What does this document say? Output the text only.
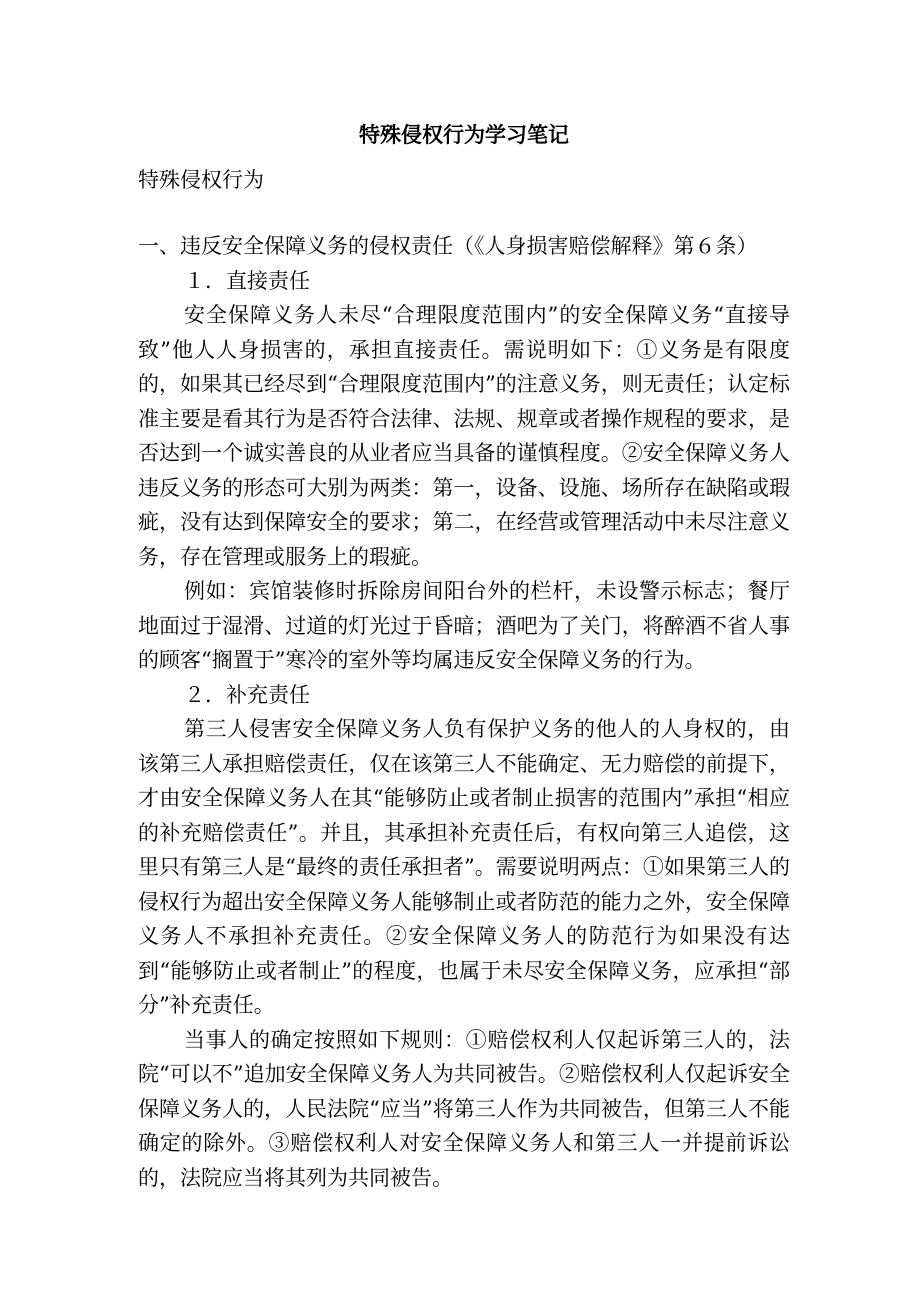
特殊侵权行为学习笔记

特殊侵权行为

一、违反安全保障义务的侵权责任（《人身损害赔偿解释》第６条）

１．直接责任

安全保障义务人未尽“合理限度范围内”的安全保障义务“直接导致”他人人身损害的，承担直接责任。需说明如下：①义务是有限度的，如果其已经尽到“合理限度范围内”的注意义务，则无责任；认定标准主要是看其行为是否符合法律、法规、规章或者操作规程的要求，是否达到一个诚实善良的从业者应当具备的谨慎程度。②安全保障义务人违反义务的形态可大别为两类：第一，设备、设施、场所存在缺陷或瑕疵，没有达到保障安全的要求；第二，在经营或管理活动中未尽注意义务，存在管理或服务上的瑕疵。

例如：宾馆装修时拆除房间阳台外的栏杆，未设警示标志；餐厅地面过于湿滑、过道的灯光过于昏暗；酒吧为了关门，将醉酒不省人事的顾客“搁置于”寒冷的室外等均属违反安全保障义务的行为。

２．补充责任

第三人侵害安全保障义务人负有保护义务的他人的人身权的，由该第三人承担赔偿责任，仅在该第三人不能确定、无力赔偿的前提下，才由安全保障义务人在其“能够防止或者制止损害的范围内”承担“相应的补充赔偿责任”。并且，其承担补充责任后，有权向第三人追偿，这里只有第三人是“最终的责任承担者”。需要说明两点：①如果第三人的侵权行为超出安全保障义务人能够制止或者防范的能力之外，安全保障义务人不承担补充责任。②安全保障义务人的防范行为如果没有达到“能够防止或者制止”的程度，也属于未尽安全保障义务，应承担“部分”补充责任。

当事人的确定按照如下规则：①赔偿权利人仅起诉第三人的，法院“可以不”追加安全保障义务人为共同被告。②赔偿权利人仅起诉安全保障义务人的，人民法院“应当”将第三人作为共同被告，但第三人不能确定的除外。③赔偿权利人对安全保障义务人和第三人一并提前诉讼的，法院应当将其列为共同被告。
